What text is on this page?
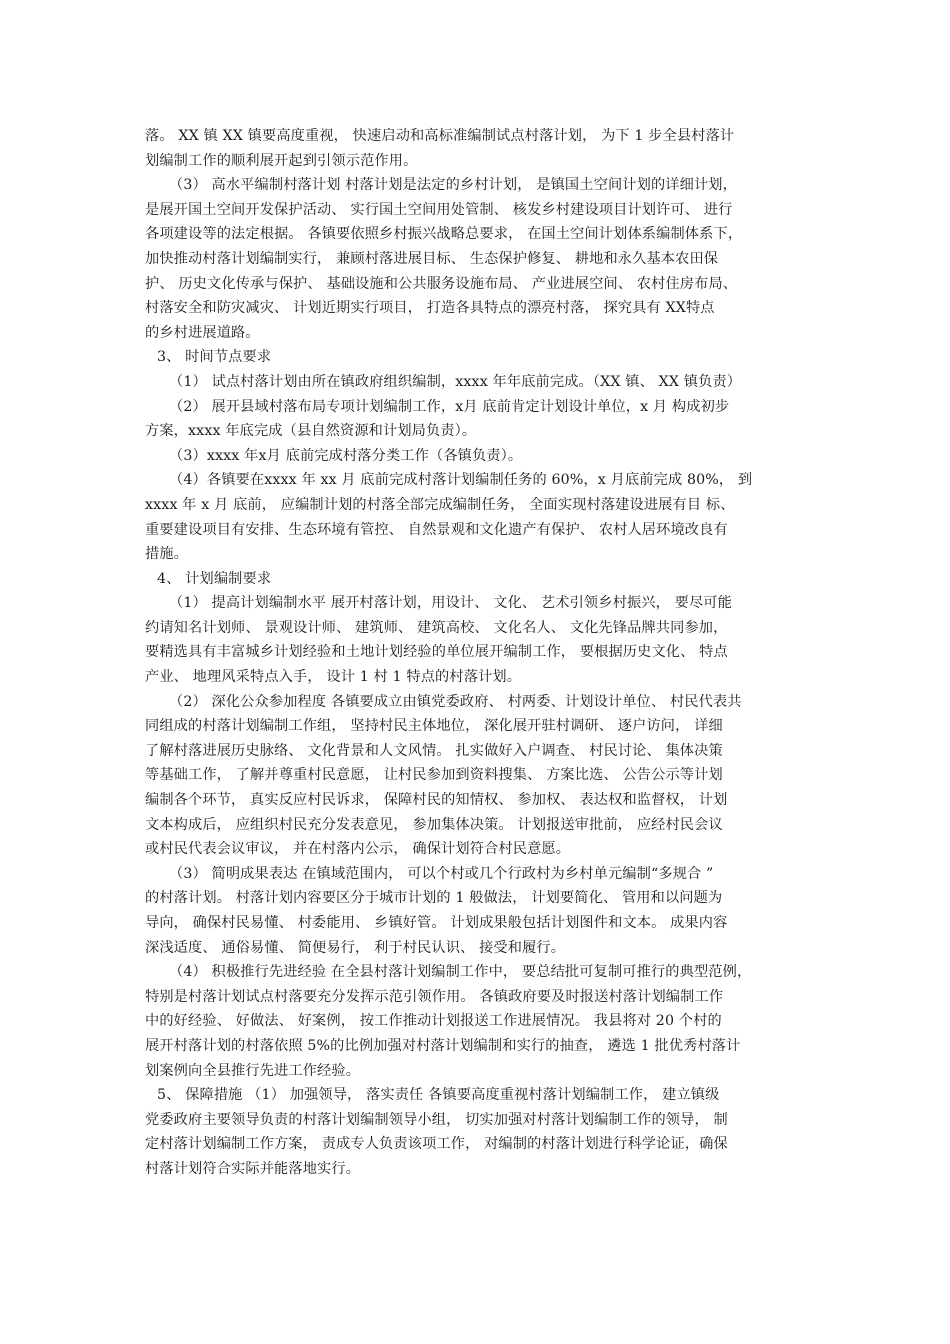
落。 XX 镇 XX 镇要高度重视， 快速启动和高标准编制试点村落计划， 为下 1 步全县村落计
划编制工作的顺利展开起到引领示范作用。
（3） 高水平编制村落计划 村落计划是法定的乡村计划， 是镇国土空间计划的详细计划，
是展开国土空间开发保护活动、 实行国土空间用处管制、 核发乡村建设项目计划许可、 进行
各项建设等的法定根据。 各镇要依照乡村振兴战略总要求， 在国土空间计划体系编制体系下，
加快推动村落计划编制实行， 兼顾村落进展目标、 生态保护修复、 耕地和永久基本农田保
护、 历史文化传承与保护、 基础设施和公共服务设施布局、 产业进展空间、 农村住房布局、
村落安全和防灾减灾、 计划近期实行项目， 打造各具特点的漂亮村落， 探究具有 XX特点
的乡村进展道路。
3、 时间节点要求
（1） 试点村落计划由所在镇政府组织编制，xxxx 年年底前完成。（XX 镇、 XX 镇负责）
（2） 展开县域村落布局专项计划编制工作，x月 底前肯定计划设计单位，x 月 构成初步
方案，xxxx 年底完成（县自然资源和计划局负责）。
（3）xxxx 年x月 底前完成村落分类工作（各镇负责）。
（4）各镇要在xxxx 年 xx 月 底前完成村落计划编制任务的 60%，x 月底前完成 80%， 到
xxxx 年 x 月 底前， 应编制计划的村落全部完成编制任务， 全面实现村落建设进展有目 标、
重要建设项目有安排、生态环境有管控、 自然景观和文化遗产有保护、 农村人居环境改良有
措施。
4、 计划编制要求
（1） 提高计划编制水平 展开村落计划，用设计、 文化、 艺术引领乡村振兴， 要尽可能
约请知名计划师、 景观设计师、 建筑师、 建筑高校、 文化名人、 文化先锋品牌共同参加，
要精选具有丰富城乡计划经验和土地计划经验的单位展开编制工作， 要根据历史文化、 特点
产业、 地理风采特点入手， 设计 1 村 1 特点的村落计划。
（2） 深化公众参加程度 各镇要成立由镇党委政府、 村两委、计划设计单位、 村民代表共
同组成的村落计划编制工作组， 坚持村民主体地位， 深化展开驻村调研、 逐户访问， 详细
了解村落进展历史脉络、 文化背景和人文风情。 扎实做好入户调查、 村民讨论、 集体决策
等基础工作， 了解并尊重村民意愿， 让村民参加到资料搜集、 方案比选、 公告公示等计划
编制各个环节， 真实反应村民诉求， 保障村民的知情权、 参加权、 表达权和监督权， 计划
文本构成后， 应组织村民充分发表意见， 参加集体决策。 计划报送审批前， 应经村民会议
或村民代表会议审议， 并在村落内公示， 确保计划符合村民意愿。
（3） 简明成果表达 在镇域范围内， 可以个村或几个行政村为乡村单元编制“多规合 ”
的村落计划。 村落计划内容要区分于城市计划的 1 般做法， 计划要简化、 管用和以问题为
导向， 确保村民易懂、 村委能用、 乡镇好管。 计划成果般包括计划图件和文本。 成果内容
深浅适度、 通俗易懂、 简便易行， 利于村民认识、 接受和履行。
（4） 积极推行先进经验 在全县村落计划编制工作中， 要总结批可复制可推行的典型范例，
特别是村落计划试点村落要充分发挥示范引领作用。 各镇政府要及时报送村落计划编制工作
中的好经验、 好做法、 好案例， 按工作推动计划报送工作进展情况。 我县将对 20 个村的
展开村落计划的村落依照 5%的比例加强对村落计划编制和实行的抽查， 遴选 1 批优秀村落计
划案例向全县推行先进工作经验。
5、 保障措施 （1） 加强领导， 落实责任 各镇要高度重视村落计划编制工作， 建立镇级
党委政府主要领导负责的村落计划编制领导小组， 切实加强对村落计划编制工作的领导， 制
定村落计划编制工作方案， 责成专人负责该项工作， 对编制的村落计划进行科学论证，确保
村落计划符合实际并能落地实行。
